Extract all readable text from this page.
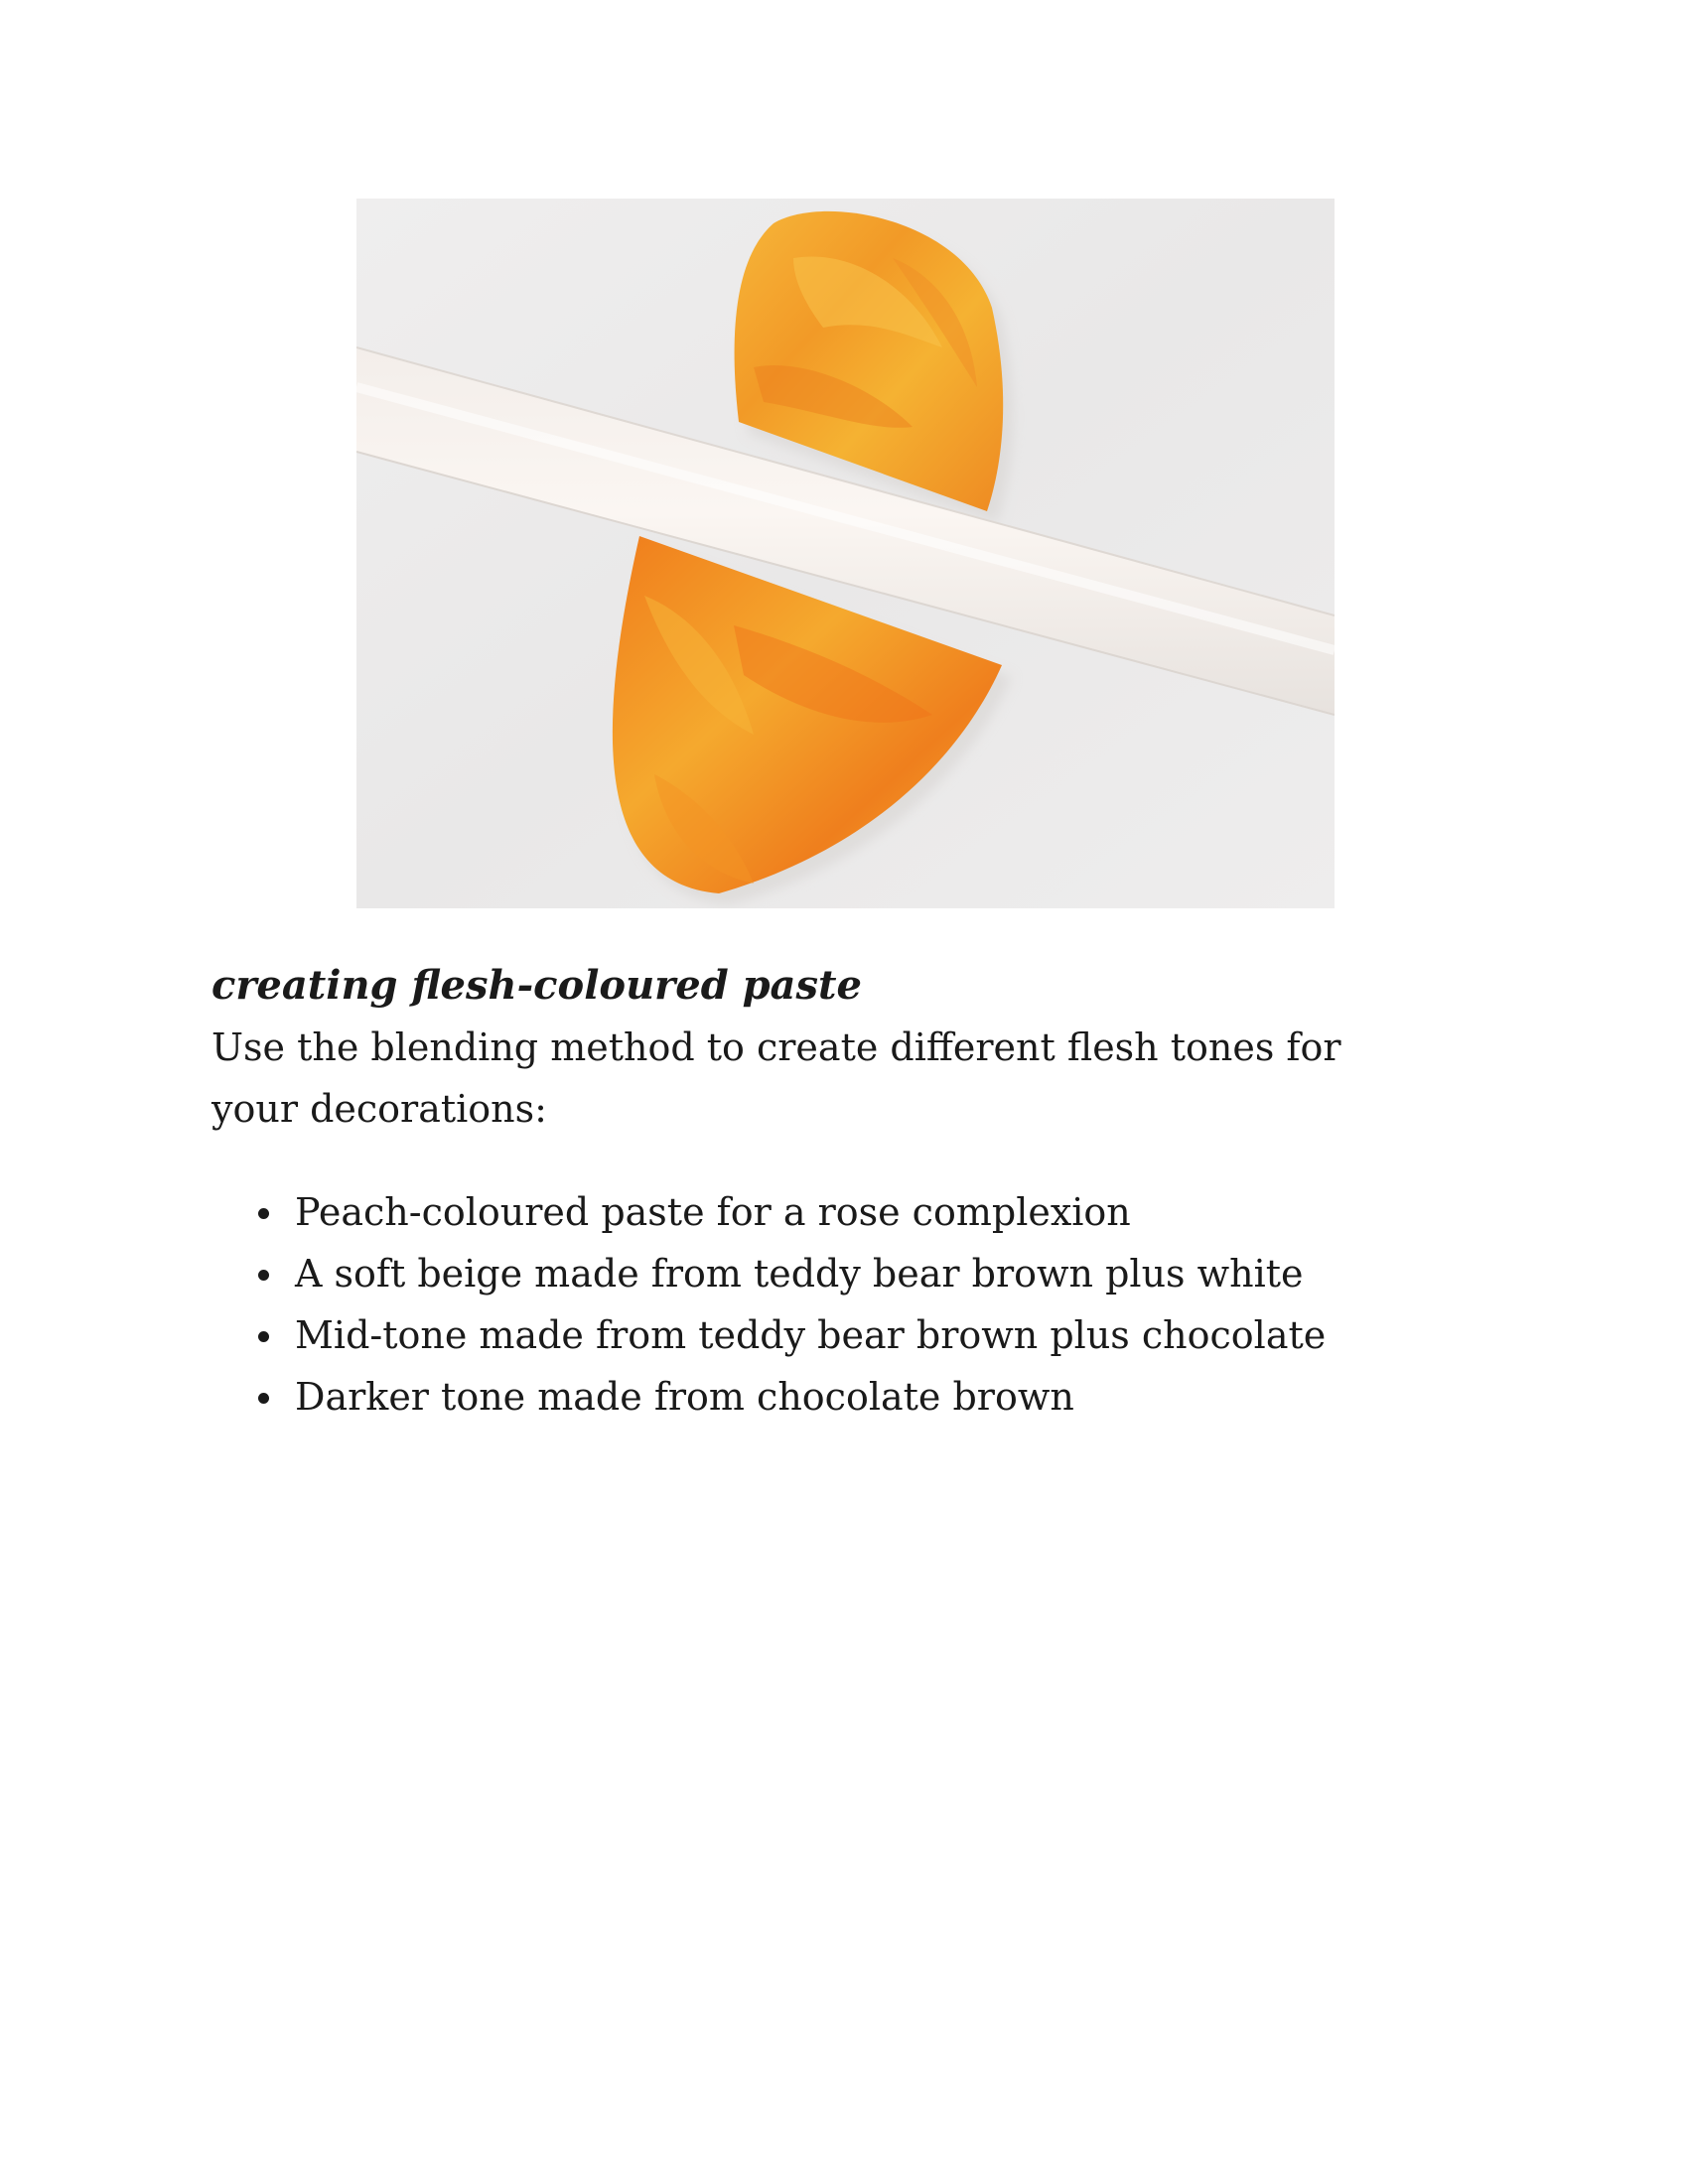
creating flesh-coloured paste

Use the blending method to create different flesh tones for your decorations:

Peach-coloured paste for a rose complexion
A soft beige made from teddy bear brown plus white
Mid-tone made from teddy bear brown plus chocolate
Darker tone made from chocolate brown
